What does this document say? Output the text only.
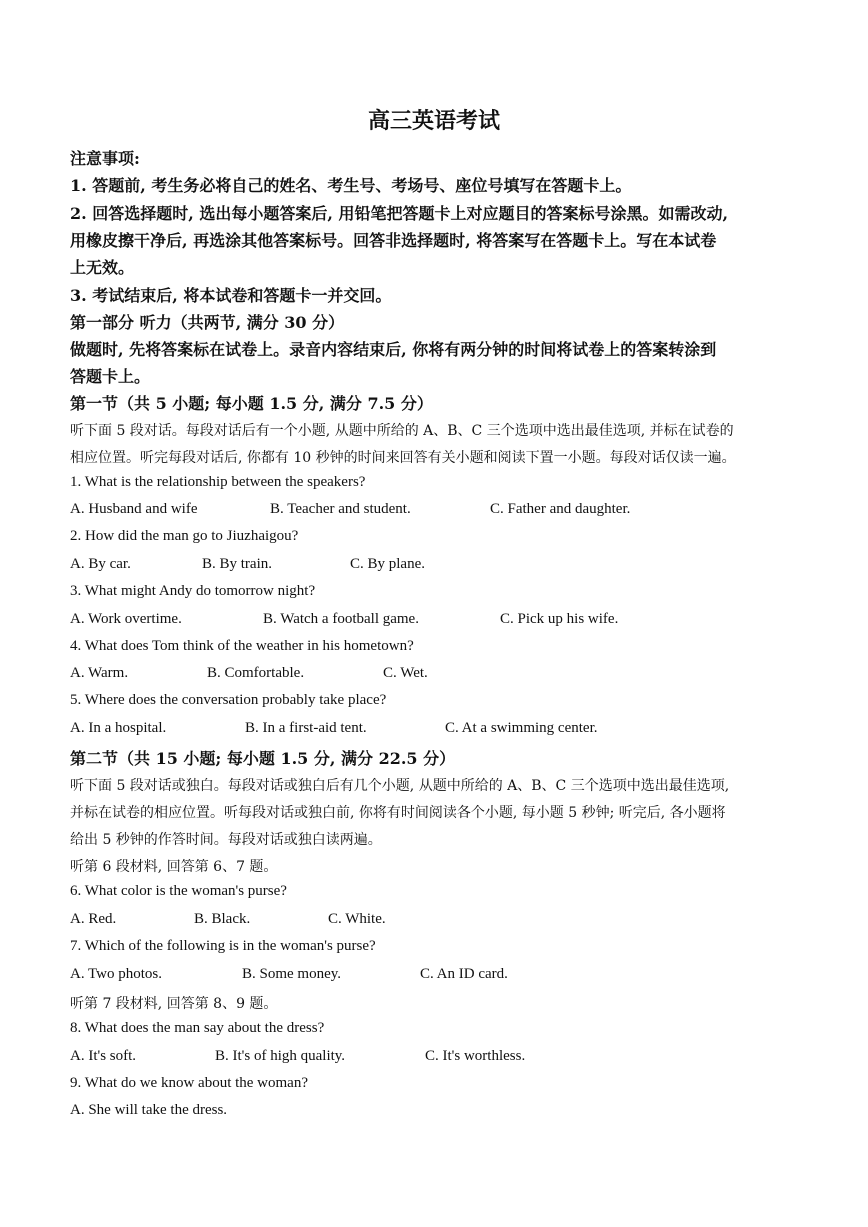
高三英语考试
注意事项:
1. 答题前, 考生务必将自己的姓名、考生号、考场号、座位号填写在答题卡上。
2. 回答选择题时, 选出每小题答案后, 用铅笔把答题卡上对应题目的答案标号涂黑。如需改动,
用橡皮擦干净后, 再选涂其他答案标号。回答非选择题时, 将答案写在答题卡上。写在本试卷
上无效。
3. 考试结束后, 将本试卷和答题卡一并交回。
第一部分 听力（共两节, 满分 30 分）
做题时, 先将答案标在试卷上。录音内容结束后, 你将有两分钟的时间将试卷上的答案转涂到
答题卡上。
第一节（共 5 小题; 每小题 1.5 分, 满分 7.5 分）
听下面 5 段对话。每段对话后有一个小题, 从题中所给的 A、B、C 三个选项中选出最佳选项, 并标在试卷的
相应位置。听完每段对话后, 你都有 10 秒钟的时间来回答有关小题和阅读下置一小题。每段对话仅读一遍。
1. What is the relationship between the speakers?
A. Husband and wife	B. Teacher and student.	C. Father and daughter.
2. How did the man go to Jiuzhaigou?
A. By car.	B. By train.	C. By plane.
3. What might Andy do tomorrow night?
A. Work overtime.	B. Watch a football game.	C. Pick up his wife.
4. What does Tom think of the weather in his hometown?
A. Warm.	B. Comfortable.	C. Wet.
5. Where does the conversation probably take place?
A. In a hospital.	B. In a first-aid tent.	C. At a swimming center.
第二节（共 15 小题; 每小题 1.5 分, 满分 22.5 分）
听下面 5 段对话或独白。每段对话或独白后有几个小题, 从题中所给的 A、B、C 三个选项中选出最佳选项,
并标在试卷的相应位置。听每段对话或独白前, 你将有时间阅读各个小题, 每小题 5 秒钟; 听完后, 各小题将
给出 5 秒钟的作答时间。每段对话或独白读两遍。
听第 6 段材料, 回答第 6、7 题。
6. What color is the woman's purse?
A. Red.	B. Black.	C. White.
7. Which of the following is in the woman's purse?
A. Two photos.	B. Some money.	C. An ID card.
听第 7 段材料, 回答第 8、9 题。
8. What does the man say about the dress?
A. It's soft.	B. It's of high quality.	C. It's worthless.
9. What do we know about the woman?
A. She will take the dress.
